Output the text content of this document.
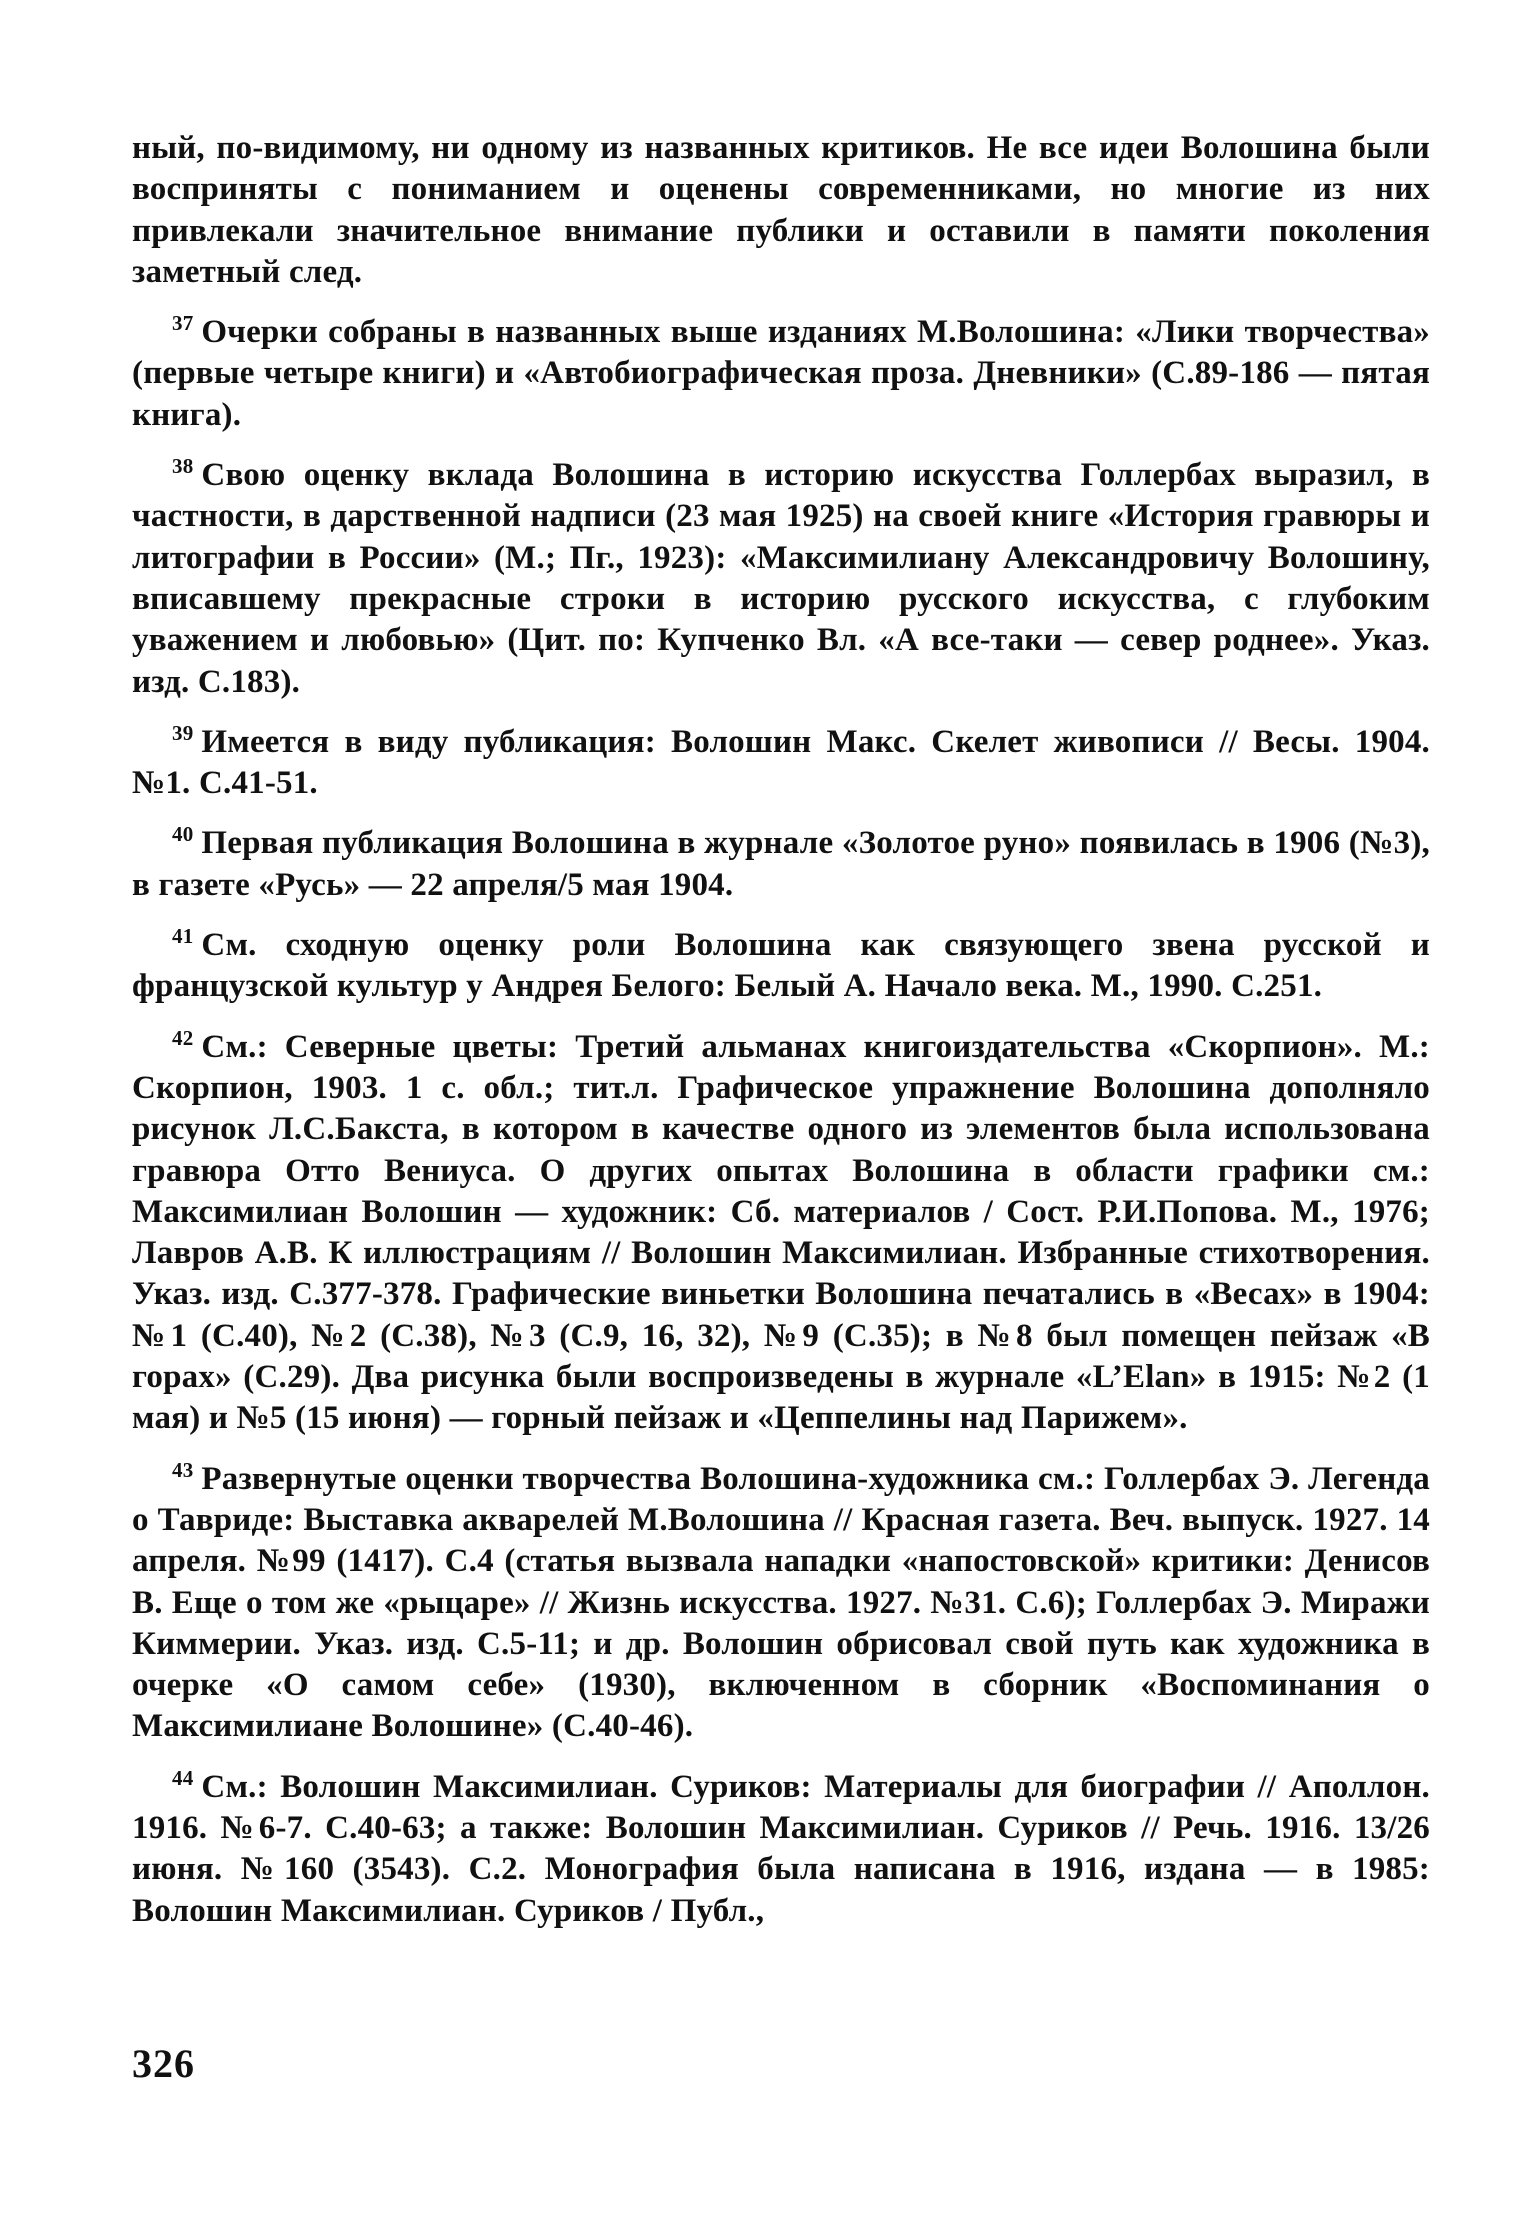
ный, по-видимому, ни одному из названных критиков. Не все идеи Волошина были восприняты с пониманием и оценены современниками, но многие из них привлекали значительное внимание публики и оставили в памяти поколения заметный след.

$^{37}$ Очерки собраны в названных выше изданиях М.Волошина: «Лики творчества» (первые четыре книги) и «Автобиографическая проза. Дневники» (С.89-186 — пятая книга).

$^{38}$ Свою оценку вклада Волошина в историю искусства Голлербах выразил, в частности, в дарственной надписи (23 мая 1925) на своей книге «История гравюры и литографии в России» (М.; Пг., 1923): «Максимилиану Александровичу Волошину, вписавшему прекрасные строки в историю русского искусства, с глубоким уважением и любовью» (Цит. по: Купченко Вл. «А все-таки — север роднее». Указ. изд. С.183).

$^{39}$ Имеется в виду публикация: Волошин Макс. Скелет живописи // Весы. 1904. №1. С.41-51.

$^{40}$ Первая публикация Волошина в журнале «Золотое руно» появилась в 1906 (№3), в газете «Русь» — 22 апреля/5 мая 1904.

$^{41}$ См. сходную оценку роли Волошина как связующего звена русской и французской культур у Андрея Белого: Белый А. Начало века. М., 1990. С.251.

$^{42}$ См.: Северные цветы: Третий альманах книгоиздательства «Скорпион». М.: Скорпион, 1903. 1 с. обл.; тит.л. Графическое упражнение Волошина дополняло рисунок Л.С.Бакста, в котором в качестве одного из элементов была использована гравюра Отто Вениуса. О других опытах Волошина в области графики см.: Максимилиан Волошин — художник: Сб. материалов / Сост. Р.И.Попова. М., 1976; Лавров А.В. К иллюстрациям // Волошин Максимилиан. Избранные стихотворения. Указ. изд. С.377-378. Графические виньетки Волошина печатались в «Весах» в 1904: №1 (С.40), №2 (С.38), №3 (С.9, 16, 32), №9 (С.35); в №8 был помещен пейзаж «В горах» (С.29). Два рисунка были воспроизведены в журнале «L’Elan» в 1915: №2 (1 мая) и №5 (15 июня) — горный пейзаж и «Цеппелины над Парижем».

$^{43}$ Развернутые оценки творчества Волошина-художника см.: Голлербах Э. Легенда о Тавриде: Выставка акварелей М.Волошина // Красная газета. Веч. выпуск. 1927. 14 апреля. №99 (1417). С.4 (статья вызвала нападки «напостовской» критики: Денисов В. Еще о том же «рыцаре» // Жизнь искусства. 1927. №31. С.6); Голлербах Э. Миражи Киммерии. Указ. изд. С.5-11; и др. Волошин обрисовал свой путь как художника в очерке «О самом себе» (1930), включенном в сборник «Воспоминания о Максимилиане Волошине» (С.40-46).

$^{44}$ См.: Волошин Максимилиан. Суриков: Материалы для биографии // Аполлон. 1916. №6-7. С.40-63; а также: Волошин Максимилиан. Суриков // Речь. 1916. 13/26 июня. №160 (3543). С.2. Монография была написана в 1916, издана — в 1985: Волошин Максимилиан. Суриков / Публ.,

326
